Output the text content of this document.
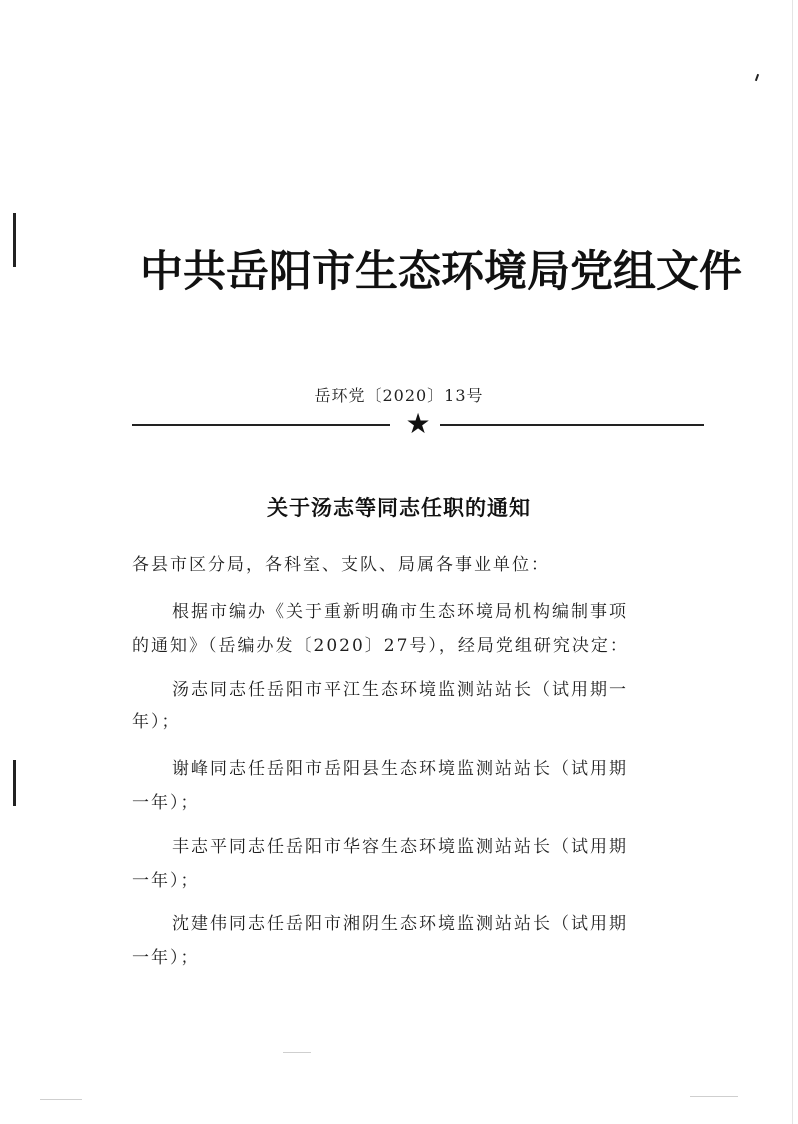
中共岳阳市生态环境局党组文件
岳环党〔2020〕13号
★
关于汤志等同志任职的通知
各县市区分局，各科室、支队、局属各事业单位：
根据市编办《关于重新明确市生态环境局机构编制事项
的通知》（岳编办发〔2020〕27号），经局党组研究决定：
汤志同志任岳阳市平江生态环境监测站站长（试用期一
年）；
谢峰同志任岳阳市岳阳县生态环境监测站站长（试用期
一年）；
丰志平同志任岳阳市华容生态环境监测站站长（试用期
一年）；
沈建伟同志任岳阳市湘阴生态环境监测站站长（试用期
一年）；
